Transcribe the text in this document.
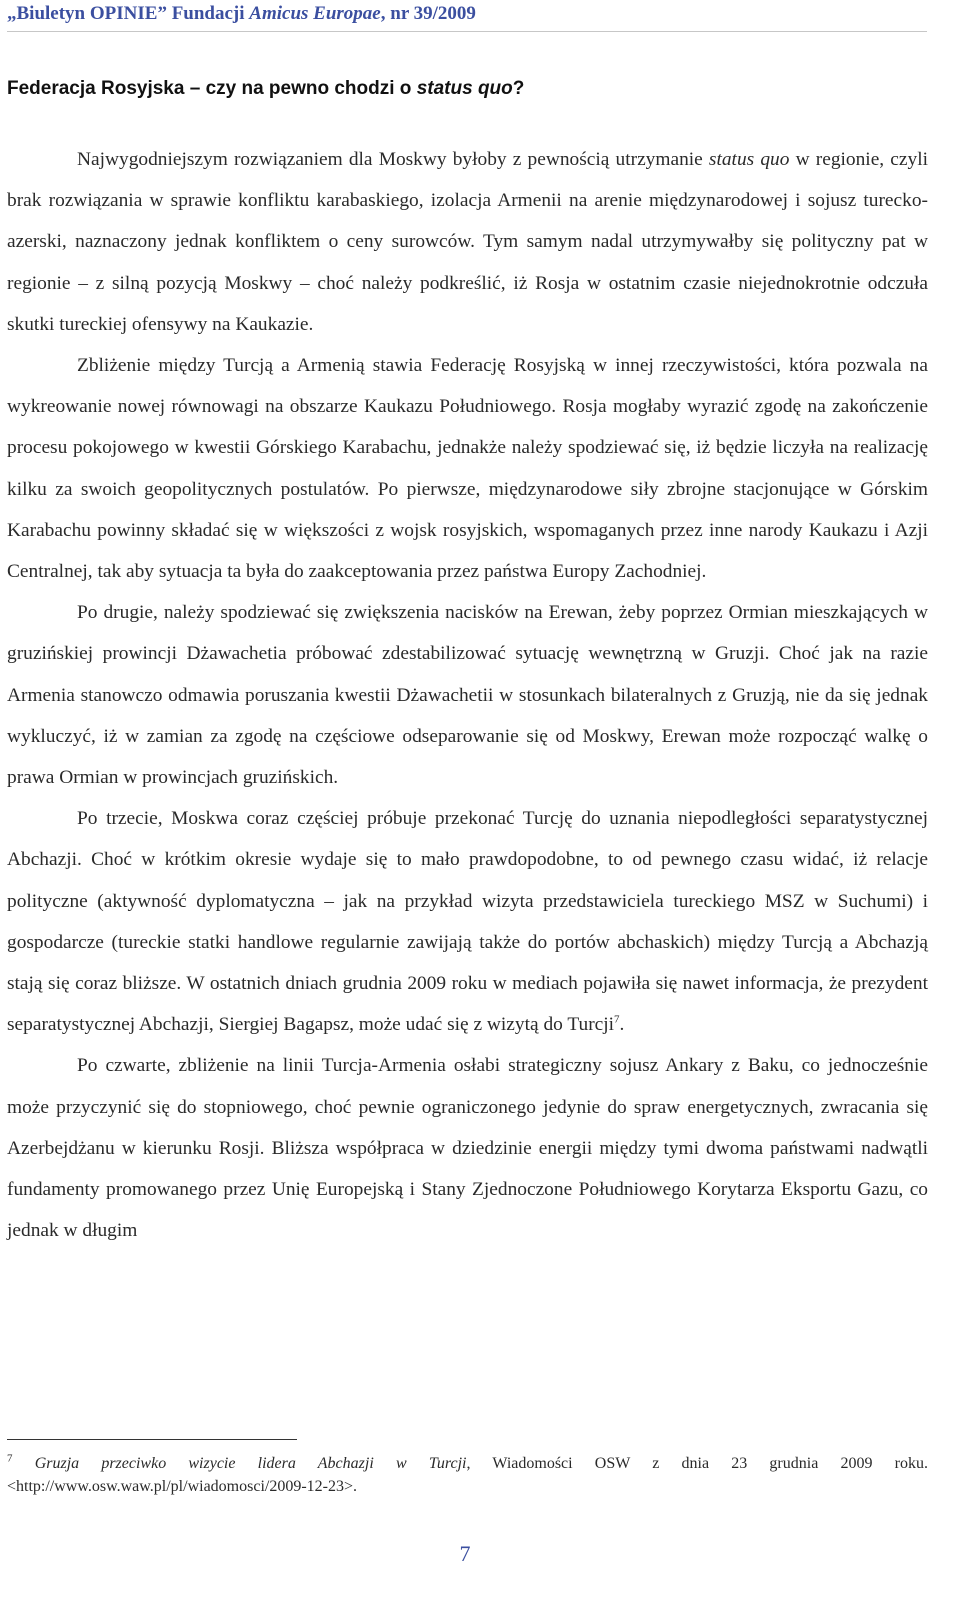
„Biuletyn OPINIE” Fundacji Amicus Europae, nr 39/2009
Federacja Rosyjska – czy na pewno chodzi o status quo?

Najwygodniejszym rozwiązaniem dla Moskwy byłoby z pewnością utrzymanie status quo w regionie, czyli brak rozwiązania w sprawie konfliktu karabaskiego, izolacja Armenii na arenie międzynarodowej i sojusz turecko-azerski, naznaczony jednak konfliktem o ceny surowców. Tym samym nadal utrzymywałby się polityczny pat w regionie – z silną pozycją Moskwy – choć należy podkreślić, iż Rosja w ostatnim czasie niejednokrotnie odczuła skutki tureckiej ofensywy na Kaukazie.

Zbliżenie między Turcją a Armenią stawia Federację Rosyjską w innej rzeczywistości, która pozwala na wykreowanie nowej równowagi na obszarze Kaukazu Południowego. Rosja mogłaby wyrazić zgodę na zakończenie procesu pokojowego w kwestii Górskiego Karabachu, jednakże należy spodziewać się, iż będzie liczyła na realizację kilku za swoich geopolitycznych postulatów. Po pierwsze, międzynarodowe siły zbrojne stacjonujące w Górskim Karabachu powinny składać się w większości z wojsk rosyjskich, wspomaganych przez inne narody Kaukazu i Azji Centralnej, tak aby sytuacja ta była do zaakceptowania przez państwa Europy Zachodniej.

Po drugie, należy spodziewać się zwiększenia nacisków na Erewan, żeby poprzez Ormian mieszkających w gruzińskiej prowincji Dżawachetia próbować zdestabilizować sytuację wewnętrzną w Gruzji. Choć jak na razie Armenia stanowczo odmawia poruszania kwestii Dżawachetii w stosunkach bilateralnych z Gruzją, nie da się jednak wykluczyć, iż w zamian za zgodę na częściowe odseparowanie się od Moskwy, Erewan może rozpocząć walkę o prawa Ormian w prowincjach gruzińskich.

Po trzecie, Moskwa coraz częściej próbuje przekonać Turcję do uznania niepodległości separatystycznej Abchazji. Choć w krótkim okresie wydaje się to mało prawdopodobne, to od pewnego czasu widać, iż relacje polityczne (aktywność dyplomatyczna – jak na przykład wizyta przedstawiciela tureckiego MSZ w Suchumi) i gospodarcze (tureckie statki handlowe regularnie zawijają także do portów abchaskich) między Turcją a Abchazją stają się coraz bliższe. W ostatnich dniach grudnia 2009 roku w mediach pojawiła się nawet informacja, że prezydent separatystycznej Abchazji, Siergiej Bagapsz, może udać się z wizytą do Turcji$^7$.

Po czwarte, zbliżenie na linii Turcja-Armenia osłabi strategiczny sojusz Ankary z Baku, co jednocześnie może przyczynić się do stopniowego, choć pewnie ograniczonego jedynie do spraw energetycznych, zwracania się Azerbejdżanu w kierunku Rosji. Bliższa współpraca w dziedzinie energii między tymi dwoma państwami nadwątli fundamenty promowanego przez Unię Europejską i Stany Zjednoczone Południowego Korytarza Eksportu Gazu, co jednak w długim

$^7$ Gruzja przeciwko wizycie lidera Abchazji w Turcji, Wiadomości OSW z dnia 23 grudnia 2009 roku. <http://www.osw.waw.pl/pl/wiadomosci/2009-12-23>.
7
